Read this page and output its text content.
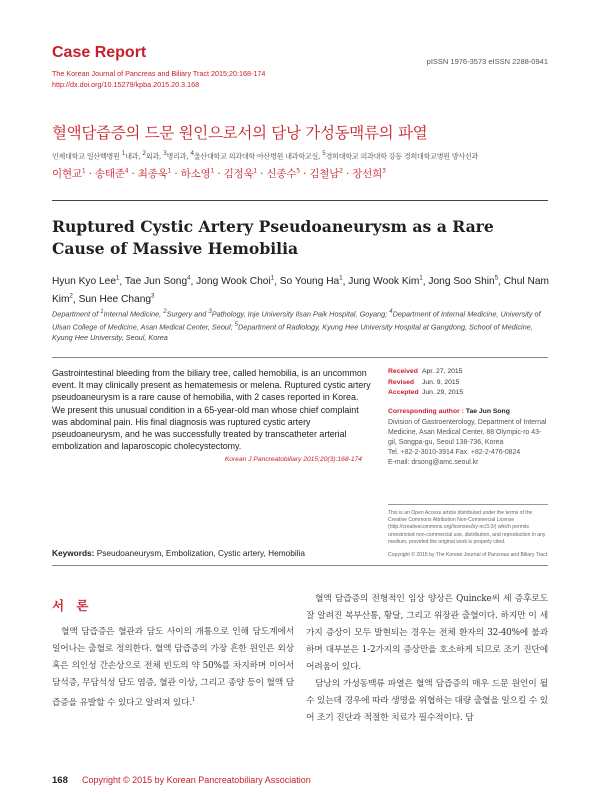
Case Report
The Korean Journal of Pancreas and Biliary Tract 2015;20:168-174
http://dx.doi.org/10.15279/kpba.2015.20.3.168
pISSN 1976-3573 eISSN 2288-0941
혈액담즙증의 드문 원인으로서의 담낭 가성동맥류의 파열
인제대학교 일산백병원 $^1$내과, $^2$외과, $^3$병리과, $^4$울산대학교 의과대학 아산병원 내과학교실, $^5$경희대학교 의과대학 강동 경희대학교병원 방사선과
이현교$^1$ · 송태준$^4$ · 최종욱$^1$ · 하소영$^1$ · 김정욱$^1$ · 신종수$^5$ · 김철남$^2$ · 장선희$^3$
Ruptured Cystic Artery Pseudoaneurysm as a Rare Cause of Massive Hemobilia
Hyun Kyo Lee$^1$, Tae Jun Song$^4$, Jong Wook Choi$^1$, So Young Ha$^1$, Jung Wook Kim$^1$, Jong Soo Shin$^5$, Chul Nam Kim$^2$, Sun Hee Chang$^3$
Department of $^1$Internal Medicine, $^2$Surgery and $^3$Pathology, Inje University Ilsan Paik Hospital, Goyang; $^4$Department of Internal Medicine, University of Ulsan College of Medicine, Asan Medical Center, Seoul; $^5$Department of Radiology, Kyung Hee University Hospital at Gangdong, School of Medicine, Kyung Hee University, Seoul, Korea
Gastrointestinal bleeding from the biliary tree, called hemobilia, is an uncommon event. It may clinically present as hematemesis or melena. Ruptured cystic artery pseudoaneurysm is a rare cause of hemobilia, with 2 cases reported in Korea. We present this unusual condition in a 65-year-old man whose chief complaint was abdominal pain. His final diagnosis was ruptured cystic artery pseudoaneurysm, and he was successfully treated by transcatheter arterial embolization and laparoscopic cholecystectomy.
Korean J Pancreatobiliary 2015;20(3):168-174
Received Apr. 27, 2015
Revised	Jun. 9, 2015
Accepted Jun. 29, 2015
Corresponding author : Tae Jun Song
Division of Gastroenterology, Department of Internal Medicine, Asan Medical Center, 88 Olympic-ro 43-gil, Songpa-gu, Seoul 138-736, Korea
Tel. +82-2-3010-3914 Fax. +82-2-476-0824
E-mail: drsong@amc.seoul.kr
This is an Open Access article distributed under the terms of the Creative Commons Attribution Non-Commercial License (http://creativecommons.org/licenses/by-nc/3.0/) which permits unrestricted non-commercial use, distribution, and reproduction in any medium, provided the original work is properly cited.
Copyright © 2015 by The Korean Journal of Pancreas and Biliary Tract
Keywords: Pseudoaneurysm, Embolization, Cystic artery, Hemobilia
서 론

혈액 담즙증은 혈관과 담도 사이의 개통으로 인해 담도계에서 일어나는 출혈로 정의한다. 혈액 담즙증의 가장 흔한 원인은 외상 혹은 의인성 간손상으로 전체 빈도의 약 50%를 차지하며 이어서 담석증, 무담석성 담도 염증, 혈관 이상, 그리고 종양 등이 혈액 담즙증을 유발할 수 있다고 알려져 있다.$^1$

혈액 담즙증의 전형적인 임상 양상은 Quincke씨 세 증후로도 잘 알려진 복부산통, 황달, 그리고 위장관 출혈이다. 하지만 이 세 가지 증상이 모두 발현되는 경우는 전체 환자의 32-40%에 불과하며 대부분은 1-2가지의 증상만을 호소하게 되므로 조기 진단에 어려움이 있다.

담낭의 가성동맥류 파열은 혈액 담즙증의 매우 드문 원인이 될 수 있는데 경우에 따라 생명을 위협하는 대량 출혈을 일으킬 수 있어 조기 진단과 적절한 치료가 필수적이다. 담

168 Copyright © 2015 by Korean Pancreatobiliary Association
